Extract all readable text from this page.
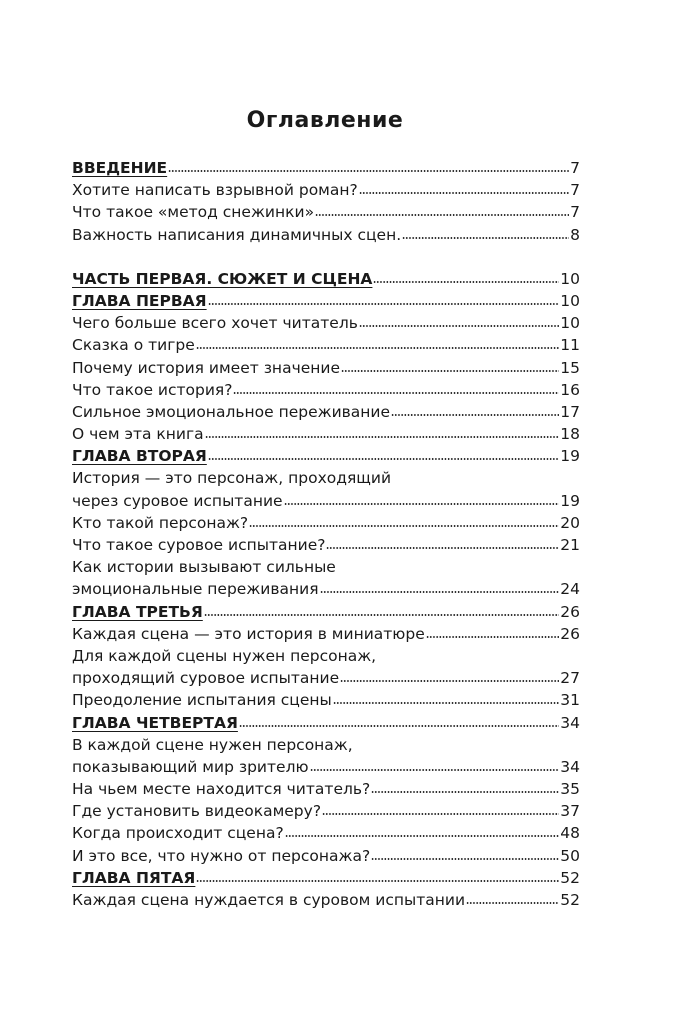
Оглавление
ВВЕДЕНИЕ	7
Хотите написать взрывной роман?	7
Что такое «метод снежинки»	7
Важность написания динамичных сцен.	8
ЧАСТЬ ПЕРВАЯ. СЮЖЕТ И СЦЕНА	10
ГЛАВА ПЕРВАЯ	10
Чего больше всего хочет читатель	10
Сказка о тигре	11
Почему история имеет значение	15
Что такое история?	16
Сильное эмоциональное переживание	17
О чем эта книга	18
ГЛАВА ВТОРАЯ	19
История — это персонаж, проходящий
через суровое испытание	19
Кто такой персонаж?	20
Что такое суровое испытание?	21
Как истории вызывают сильные
эмоциональные переживания	24
ГЛАВА ТРЕТЬЯ	26
Каждая сцена — это история в миниатюре	26
Для каждой сцены нужен персонаж,
проходящий суровое испытание	27
Преодоление испытания сцены	31
ГЛАВА ЧЕТВЕРТАЯ	34
В каждой сцене нужен персонаж,
показывающий мир зрителю	34
На чьем месте находится читатель?	35
Где установить видеокамеру?	37
Когда происходит сцена?	48
И это все, что нужно от персонажа?	50
ГЛАВА ПЯТАЯ	52
Каждая сцена нуждается в суровом испытании	52
